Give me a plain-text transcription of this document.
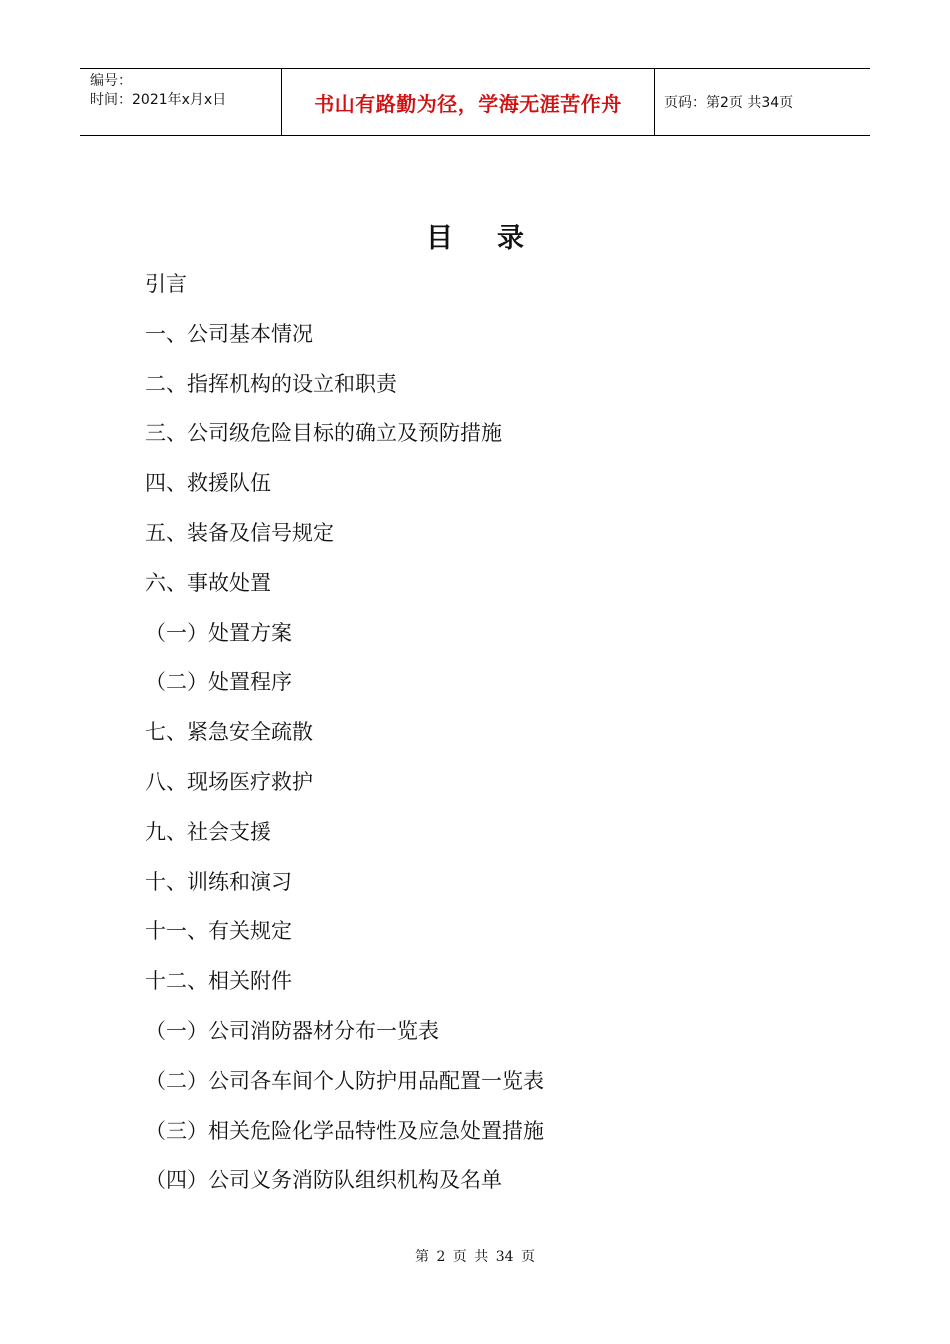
编号：
时间：2021年x月x日	书山有路勤为径，学海无涯苦作舟	页码：第2页 共34页
目录
引言
一、公司基本情况
二、指挥机构的设立和职责
三、公司级危险目标的确立及预防措施
四、救援队伍
五、装备及信号规定
六、事故处置
（一）处置方案
（二）处置程序
七、紧急安全疏散
八、现场医疗救护
九、社会支援
十、训练和演习
十一、有关规定
十二、相关附件
（一）公司消防器材分布一览表
（二）公司各车间个人防护用品配置一览表
（三）相关危险化学品特性及应急处置措施
（四）公司义务消防队组织机构及名单
第 2 页 共 34 页
